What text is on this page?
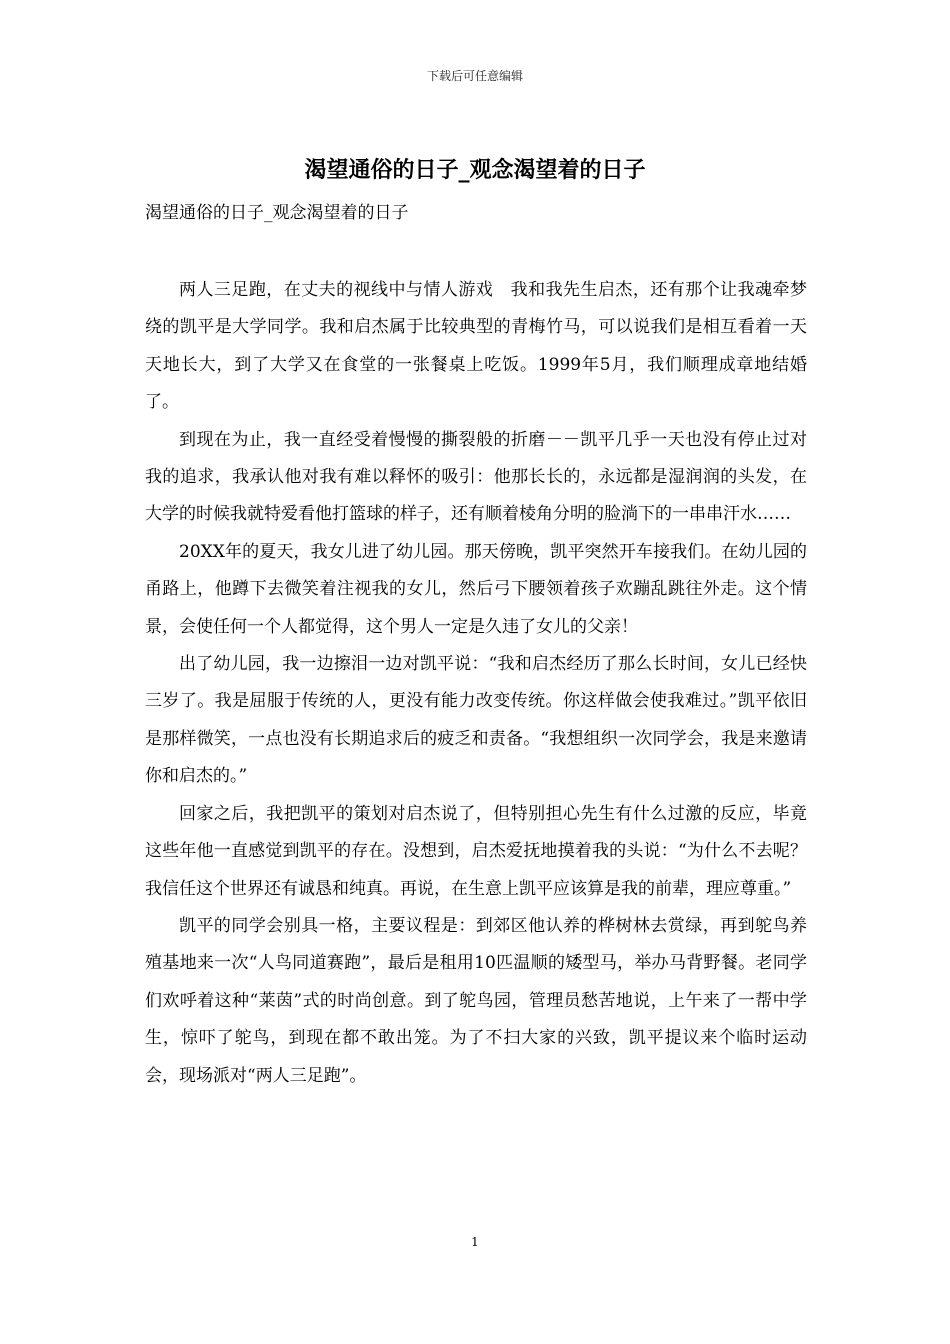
下载后可任意编辑
渴望通俗的日子_观念渴望着的日子
渴望通俗的日子_观念渴望着的日子

两人三足跑，在丈夫的视线中与情人游戏　我和我先生启杰，还有那个让我魂牵梦绕的凯平是大学同学。我和启杰属于比较典型的青梅竹马，可以说我们是相互看着一天天地长大，到了大学又在食堂的一张餐桌上吃饭。1999年5月，我们顺理成章地结婚了。

到现在为止，我一直经受着慢慢的撕裂般的折磨－－凯平几乎一天也没有停止过对我的追求，我承认他对我有难以释怀的吸引：他那长长的，永远都是湿润润的头发，在大学的时候我就特爱看他打篮球的样子，还有顺着棱角分明的脸淌下的一串串汗水……

20XX年的夏天，我女儿进了幼儿园。那天傍晚，凯平突然开车接我们。在幼儿园的甬路上，他蹲下去微笑着注视我的女儿，然后弓下腰领着孩子欢蹦乱跳往外走。这个情景，会使任何一个人都觉得，这个男人一定是久违了女儿的父亲！

出了幼儿园，我一边擦泪一边对凯平说：“我和启杰经历了那么长时间，女儿已经快三岁了。我是屈服于传统的人，更没有能力改变传统。你这样做会使我难过。”凯平依旧是那样微笑，一点也没有长期追求后的疲乏和责备。“我想组织一次同学会，我是来邀请你和启杰的。”

回家之后，我把凯平的策划对启杰说了，但特别担心先生有什么过激的反应，毕竟这些年他一直感觉到凯平的存在。没想到，启杰爱抚地摸着我的头说：“为什么不去呢？我信任这个世界还有诚恳和纯真。再说，在生意上凯平应该算是我的前辈，理应尊重。”

凯平的同学会别具一格，主要议程是：到郊区他认养的桦树林去赏绿，再到鸵鸟养殖基地来一次“人鸟同道赛跑”，最后是租用10匹温顺的矮型马，举办马背野餐。老同学们欢呼着这种“莱茵”式的时尚创意。到了鸵鸟园，管理员愁苦地说，上午来了一帮中学生，惊吓了鸵鸟，到现在都不敢出笼。为了不扫大家的兴致，凯平提议来个临时运动会，现场派对“两人三足跑”。

1
